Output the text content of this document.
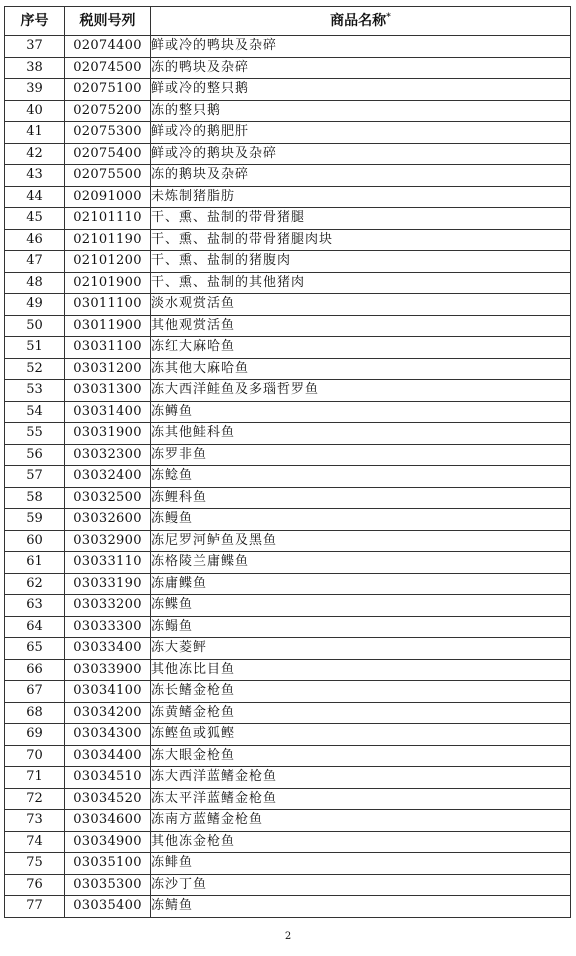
序号	税则号列	商品名称*
37	02074400	鲜或冷的鸭块及杂碎
38	02074500	冻的鸭块及杂碎
39	02075100	鲜或冷的整只鹅
40	02075200	冻的整只鹅
41	02075300	鲜或冷的鹅肥肝
42	02075400	鲜或冷的鹅块及杂碎
43	02075500	冻的鹅块及杂碎
44	02091000	未炼制猪脂肪
45	02101110	干、熏、盐制的带骨猪腿
46	02101190	干、熏、盐制的带骨猪腿肉块
47	02101200	干、熏、盐制的猪腹肉
48	02101900	干、熏、盐制的其他猪肉
49	03011100	淡水观赏活鱼
50	03011900	其他观赏活鱼
51	03031100	冻红大麻哈鱼
52	03031200	冻其他大麻哈鱼
53	03031300	冻大西洋鲑鱼及多瑙哲罗鱼
54	03031400	冻鳟鱼
55	03031900	冻其他鲑科鱼
56	03032300	冻罗非鱼
57	03032400	冻鲶鱼
58	03032500	冻鲤科鱼
59	03032600	冻鳗鱼
60	03032900	冻尼罗河鲈鱼及黑鱼
61	03033110	冻格陵兰庸鲽鱼
62	03033190	冻庸鲽鱼
63	03033200	冻鲽鱼
64	03033300	冻鳎鱼
65	03033400	冻大菱鲆
66	03033900	其他冻比目鱼
67	03034100	冻长鳍金枪鱼
68	03034200	冻黄鳍金枪鱼
69	03034300	冻鲣鱼或狐鲣
70	03034400	冻大眼金枪鱼
71	03034510	冻大西洋蓝鳍金枪鱼
72	03034520	冻太平洋蓝鳍金枪鱼
73	03034600	冻南方蓝鳍金枪鱼
74	03034900	其他冻金枪鱼
75	03035100	冻鲱鱼
76	03035300	冻沙丁鱼
77	03035400	冻鲭鱼
2
